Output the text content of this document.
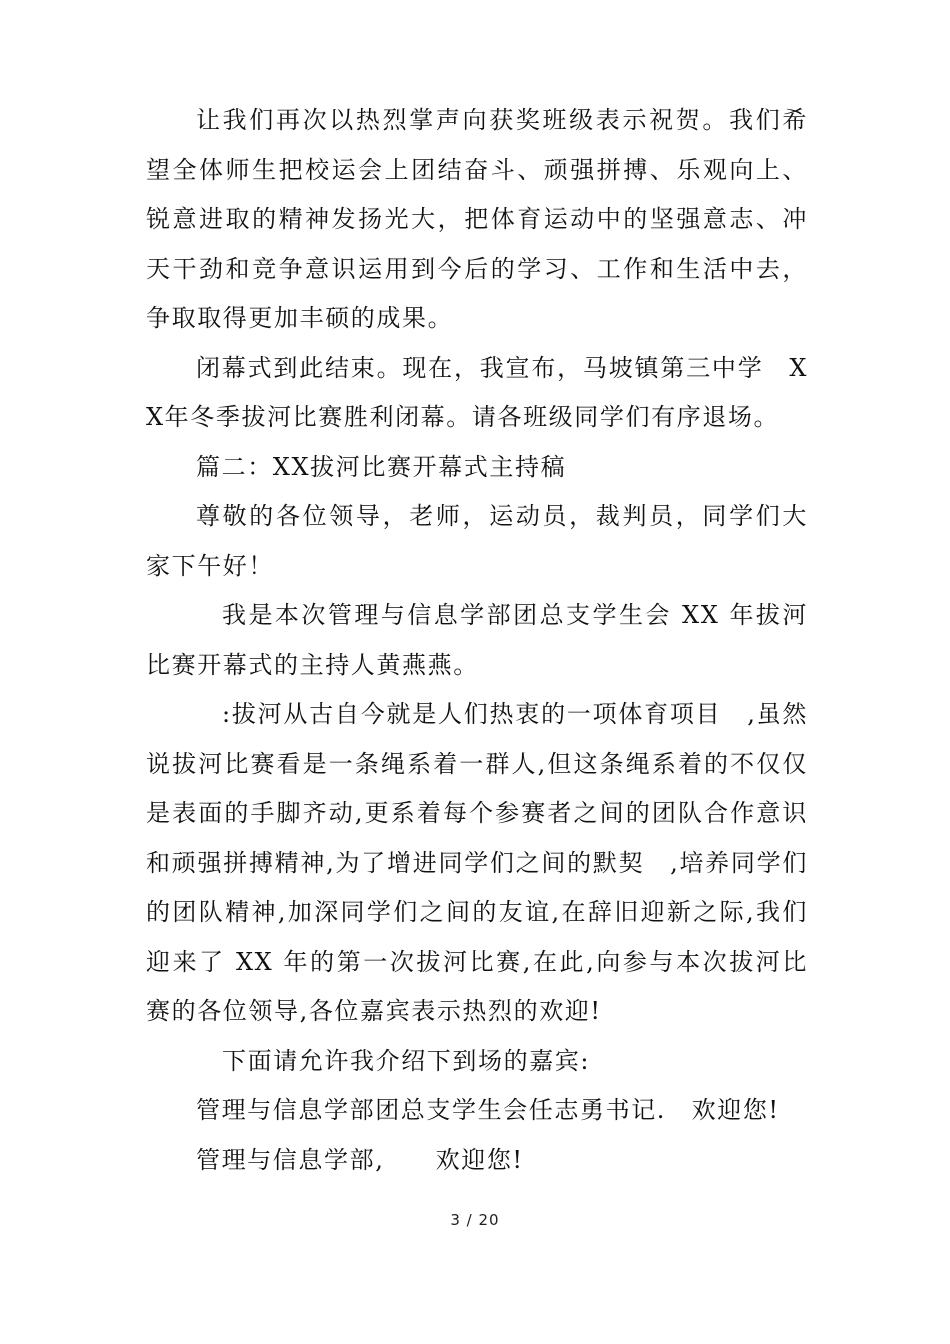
让我们再次以热烈掌声向获奖班级表示祝贺。我们希望全体师生把校运会上团结奋斗、顽强拼搏、乐观向上、锐意进取的精神发扬光大，把体育运动中的坚强意志、冲天干劲和竞争意识运用到今后的学习、工作和生活中去，争取取得更加丰硕的成果。

闭幕式到此结束。现在，我宣布，马坡镇第三中学　XX年冬季拔河比赛胜利闭幕。请各班级同学们有序退场。

篇二：XX拔河比赛开幕式主持稿

尊敬的各位领导，老师，运动员，裁判员，同学们大家下午好！

我是本次管理与信息学部团总支学生会 XX 年拔河比赛开幕式的主持人黄燕燕。

:拔河从古自今就是人们热衷的一项体育项目　,虽然说拔河比赛看是一条绳系着一群人,但这条绳系着的不仅仅是表面的手脚齐动,更系着每个参赛者之间的团队合作意识和顽强拼搏精神,为了增进同学们之间的默契　,培养同学们的团队精神,加深同学们之间的友谊,在辞旧迎新之际,我们迎来了 XX 年的第一次拔河比赛,在此,向参与本次拔河比赛的各位领导,各位嘉宾表示热烈的欢迎!

下面请允许我介绍下到场的嘉宾:

管理与信息学部团总支学生会任志勇书记.　欢迎您!

管理与信息学部,　　欢迎您!

3 / 20
